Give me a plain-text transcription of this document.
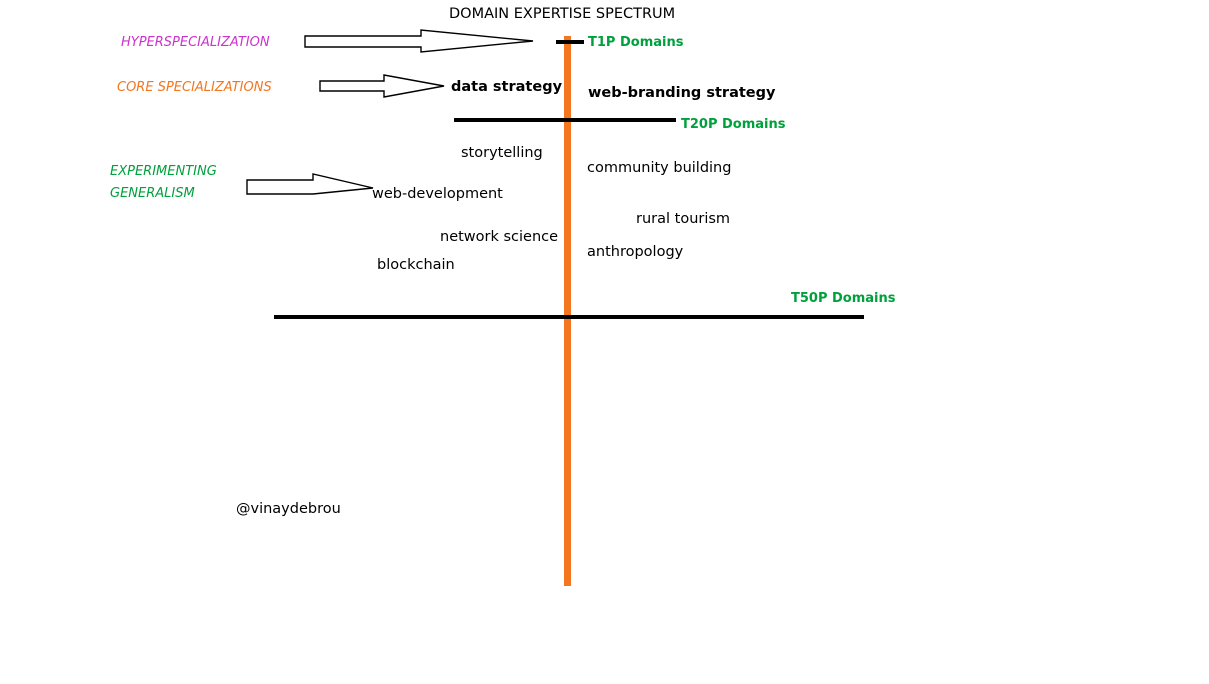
DOMAIN EXPERTISE SPECTRUM
T1P Domains
T20P Domains
T50P Domains
HYPERSPECIALIZATION
CORE SPECIALIZATIONS
EXPERIMENTING
GENERALISM
data strategy web-branding strategy
storytelling
community building
web-development
rural tourism
network science
anthropology
blockchain
@vinaydebrou
